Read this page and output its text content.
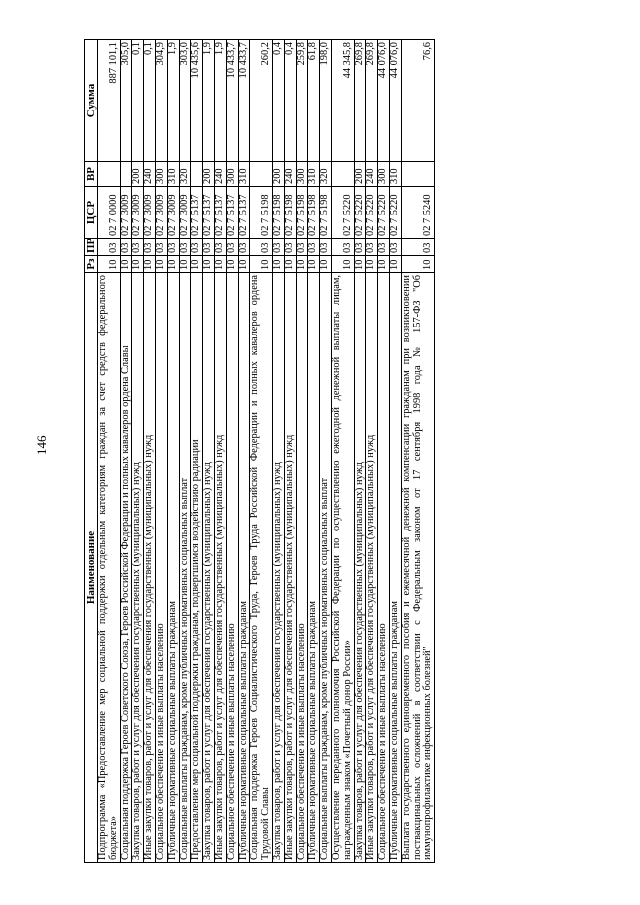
146
Наименование	Рз	ПР	ЦСР	ВР	Сумма
Подпрограмма «Предоставление мер социальной поддержки отдельным категориям граждан за счет средств федерального бюджета»	10	03	02 7 0000		887 101,1
Социальная поддержка Героев Советского Союза, Героев Российской Федерации и полных кавалеров ордена Славы	10	03	02 7 3009		305,0
Закупка товаров, работ и услуг для обеспечения государственных (муниципальных) нужд	10	03	02 7 3009	200	0,1
Иные закупки товаров, работ и услуг для обеспечения государственных (муниципальных) нужд	10	03	02 7 3009	240	0,1
Социальное обеспечение и иные выплаты населению	10	03	02 7 3009	300	304,9
Публичные нормативные социальные выплаты гражданам	10	03	02 7 3009	310	1,9
Социальные выплаты гражданам, кроме публичных нормативных социальных выплат	10	03	02 7 3009	320	303,0
Предоставление мер социальной поддержки гражданам, подвергшимся воздействию радиации	10	03	02 7 5137		10 435,6
Закупка товаров, работ и услуг для обеспечения государственных (муниципальных) нужд	10	03	02 7 5137	200	1,9
Иные закупки товаров, работ и услуг для обеспечения государственных (муниципальных) нужд	10	03	02 7 5137	240	1,9
Социальное обеспечение и иные выплаты населению	10	03	02 7 5137	300	10 433,7
Публичные нормативные социальные выплаты гражданам	10	03	02 7 5137	310	10 433,7
Социальная поддержка Героев Социалистического Труда, Героев Труда Российской Федерации и полных кавалеров ордена Трудовой Славы	10	03	02 7 5198		260,2
Закупка товаров, работ и услуг для обеспечения государственных (муниципальных) нужд	10	03	02 7 5198	200	0,4
Иные закупки товаров, работ и услуг для обеспечения государственных (муниципальных) нужд	10	03	02 7 5198	240	0,4
Социальное обеспечение и иные выплаты населению	10	03	02 7 5198	300	259,8
Публичные нормативные социальные выплаты гражданам	10	03	02 7 5198	310	61,8
Социальные выплаты гражданам, кроме публичных нормативных социальных выплат	10	03	02 7 5198	320	198,0
Осуществление переданного полномочия Российской Федерации по осуществлению ежегодной денежной выплаты лицам, награжденным знаком «Почетный донор России»	10	03	02 7 5220		44 345,8
Закупка товаров, работ и услуг для обеспечения государственных (муниципальных) нужд	10	03	02 7 5220	200	269,8
Иные закупки товаров, работ и услуг для обеспечения государственных (муниципальных) нужд	10	03	02 7 5220	240	269,8
Социальное обеспечение и иные выплаты населению	10	03	02 7 5220	300	44 076,0
Публичные нормативные социальные выплаты гражданам	10	03	02 7 5220	310	44 076,0
Выплата государственного единовременного пособия и ежемесячной денежной компенсации гражданам при возникновении поствакцинальных осложнений в соответствии с Федеральным законом от 17 сентября 1998 года № 157-ФЗ "Об иммунопрофилактике инфекционных болезней"	10	03	02 7 5240		76,6
